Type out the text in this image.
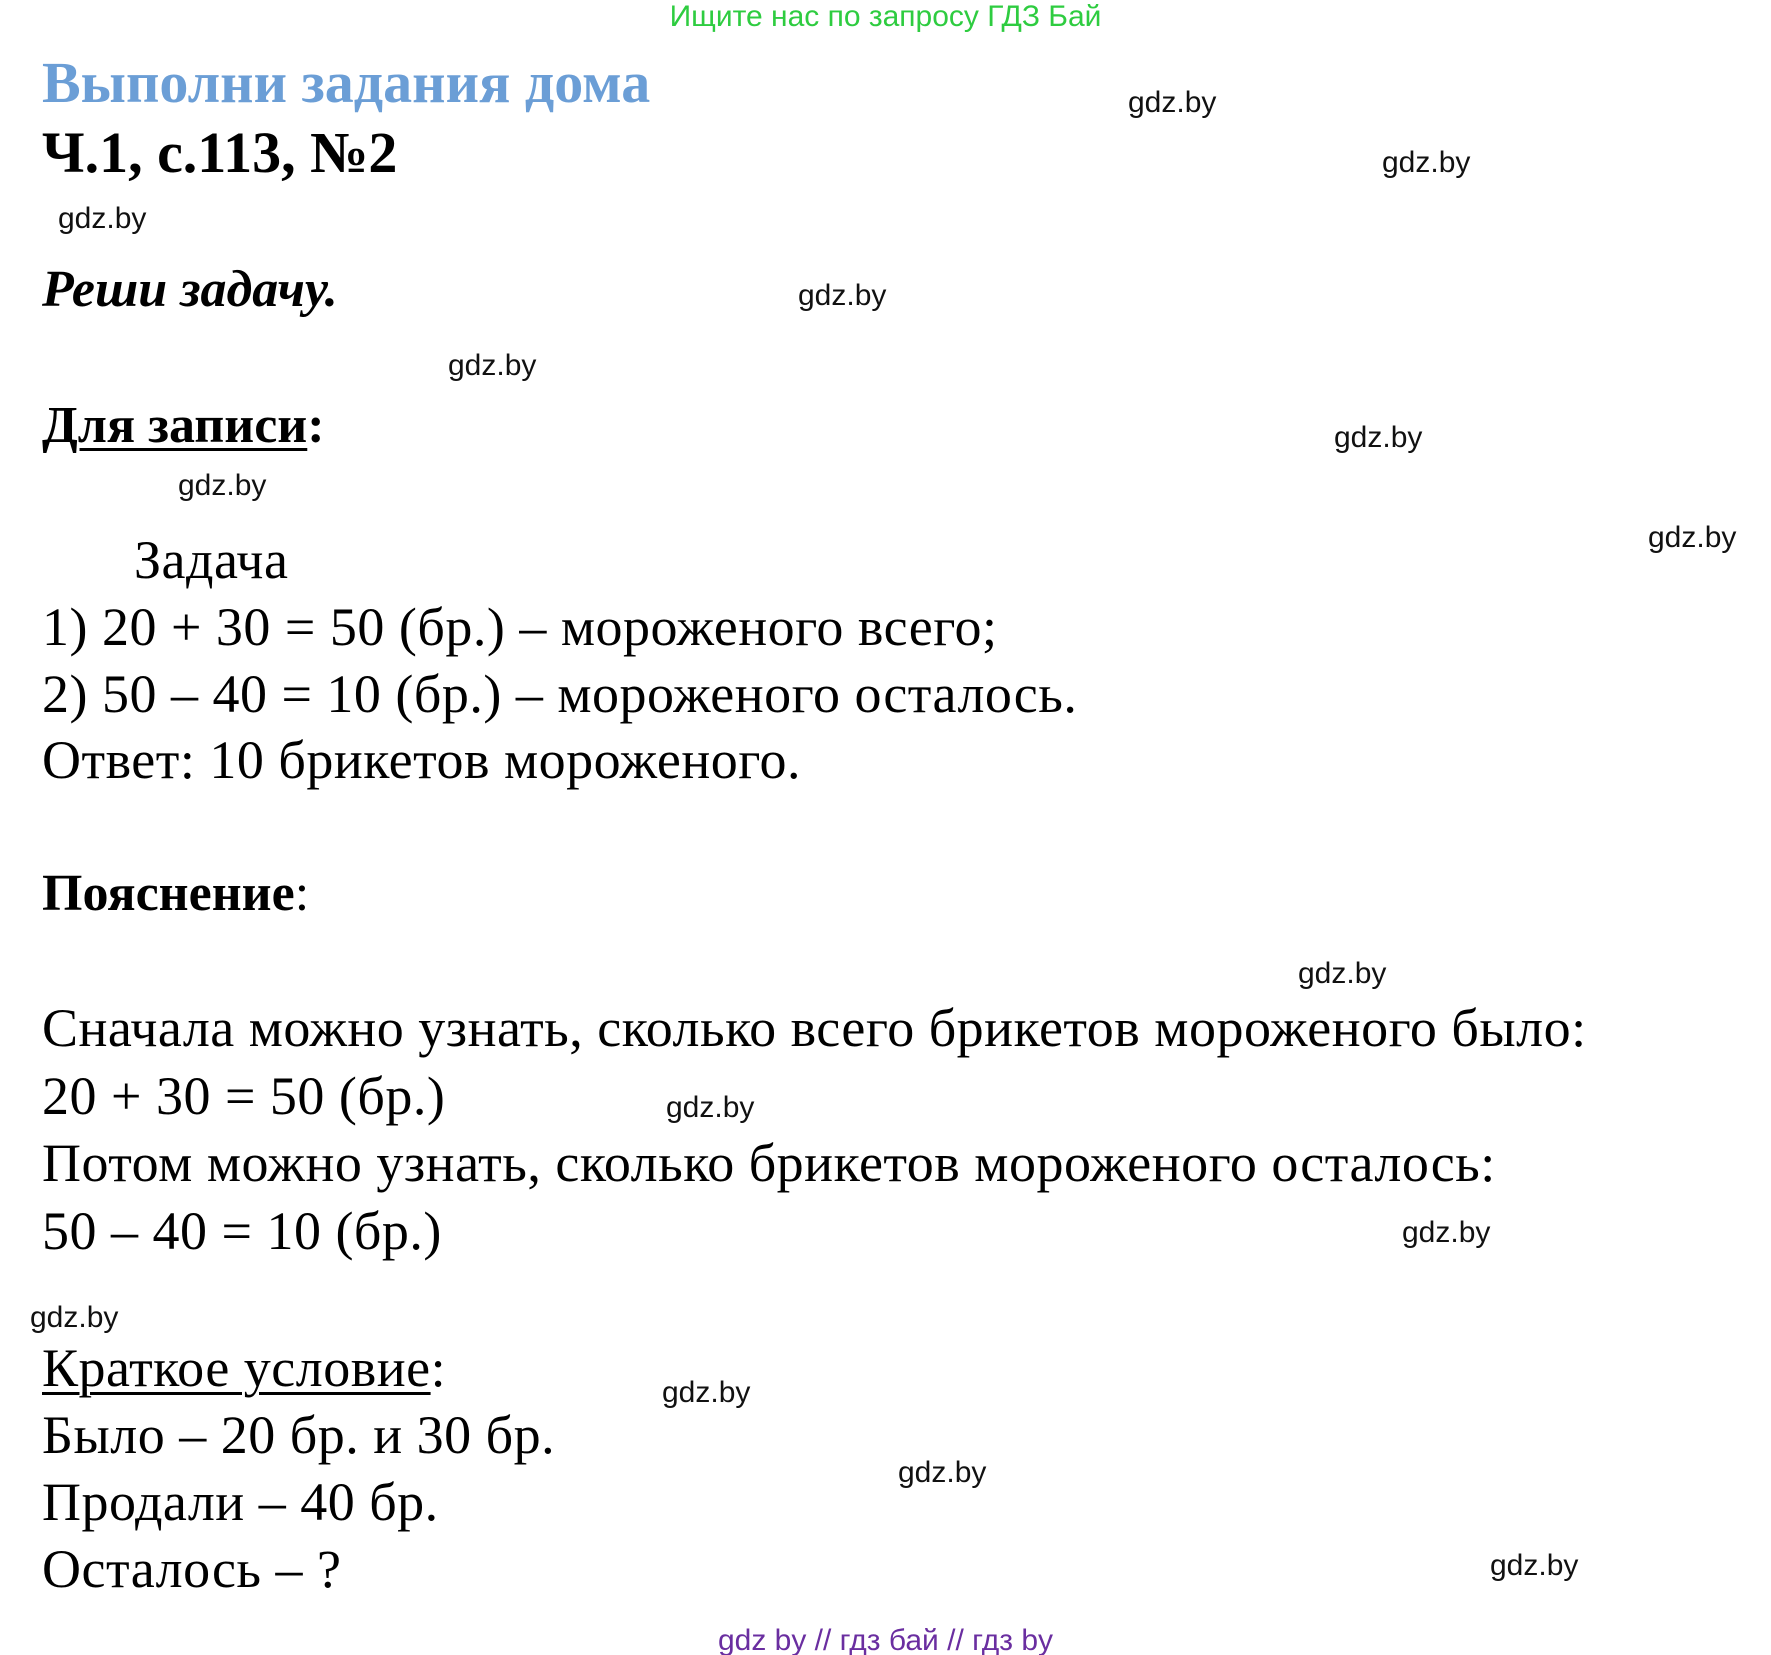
Ищите нас по запросу ГДЗ Бай
Выполни задания дома
Ч.1, с.113, №2
Реши задачу.
Для записи:
Задача
1) 20 + 30 = 50 (бр.) – мороженого всего;
2) 50 – 40 = 10 (бр.) – мороженого осталось.
Ответ: 10 брикетов мороженого.
Пояснение:
Сначала можно узнать, сколько всего брикетов мороженого было:
20 + 30 = 50 (бр.)
Потом можно узнать, сколько брикетов мороженого осталось:
50 – 40 = 10 (бр.)
Краткое условие:
Было – 20 бр. и 30 бр.
Продали – 40 бр.
Осталось – ?
gdz.by
gdz.by
gdz.by
gdz.by
gdz.by
gdz.by
gdz.by
gdz.by
gdz.by
gdz.by
gdz.by
gdz.by
gdz.by
gdz.by
gdz.by
gdz by // гдз бай // гдз by
